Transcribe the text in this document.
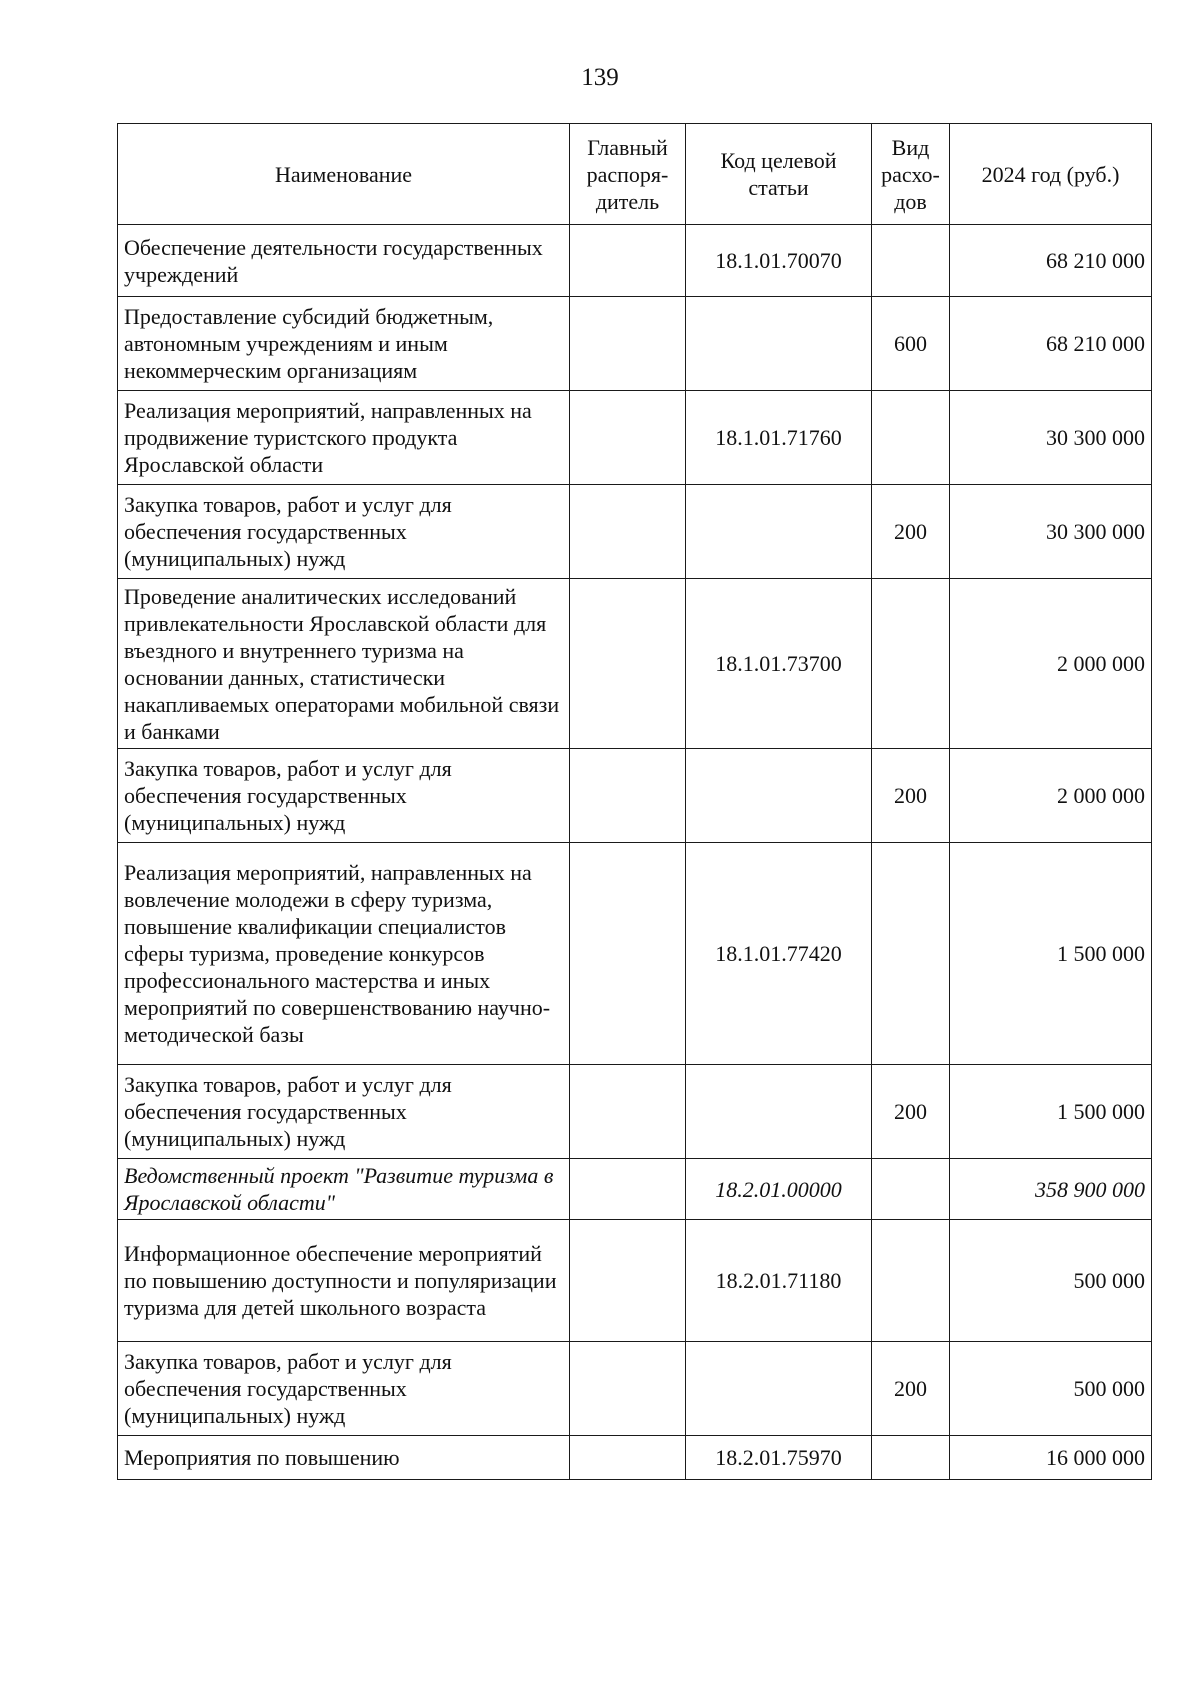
139
Наименование	Главный распоря-дитель	Код целевой статьи	Вид расхо-дов	2024 год (руб.)
Обеспечение деятельности государственных учреждений		18.1.01.70070		68 210 000
Предоставление субсидий бюджетным, автономным учреждениям и иным некоммерческим организациям			600	68 210 000
Реализация мероприятий, направленных на продвижение туристского продукта Ярославской области		18.1.01.71760		30 300 000
Закупка товаров, работ и услуг для обеспечения государственных (муниципальных) нужд			200	30 300 000
Проведение аналитических исследований привлекательности Ярославской области для въездного и внутреннего туризма на основании данных, статистически накапливаемых операторами мобильной связи и банками		18.1.01.73700		2 000 000
Закупка товаров, работ и услуг для обеспечения государственных (муниципальных) нужд			200	2 000 000
Реализация мероприятий, направленных на вовлечение молодежи в сферу туризма, повышение квалификации специалистов сферы туризма, проведение конкурсов профессионального мастерства и иных мероприятий по совершенствованию научно-методической базы		18.1.01.77420		1 500 000
Закупка товаров, работ и услуг для обеспечения государственных (муниципальных) нужд			200	1 500 000
Ведомственный проект "Развитие туризма в Ярославской области"		18.2.01.00000		358 900 000
Информационное обеспечение мероприятий по повышению доступности и популяризации туризма для детей школьного возраста		18.2.01.71180		500 000
Закупка товаров, работ и услуг для обеспечения государственных (муниципальных) нужд			200	500 000
Мероприятия по повышению		18.2.01.75970		16 000 000
